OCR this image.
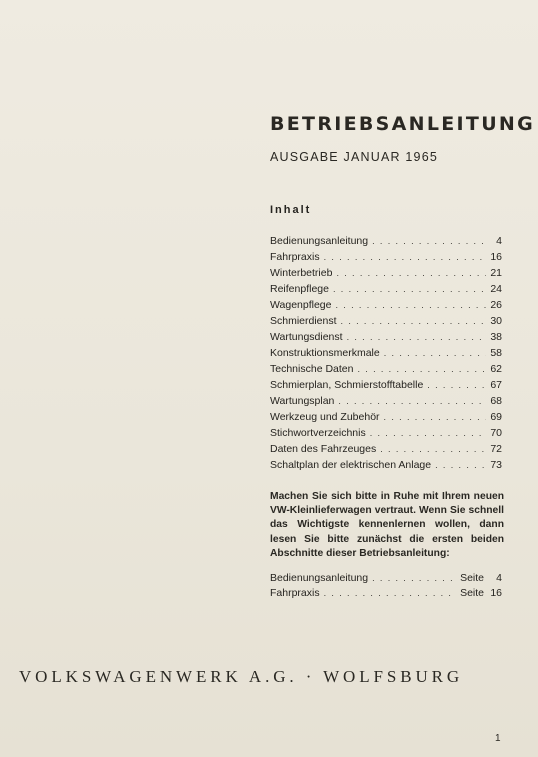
BETRIEBSANLEITUNG
AUSGABE JANUAR 1965
Inhalt
Bedienungsanleitung . . .	4
Fahrpraxis . . .	16
Winterbetrieb . . .	21
Reifenpflege . . .	24
Wagenpflege . . .	26
Schmierdienst . . .	30
Wartungsdienst . . .	38
Konstruktionsmerkmale . . .	58
Technische Daten . . .	62
Schmierplan, Schmierstofftabelle . . .	67
Wartungsplan . . .	68
Werkzeug und Zubehör . . .	69
Stichwortverzeichnis . . .	70
Daten des Fahrzeuges . . .	72
Schaltplan der elektrischen Anlage . . .	73

Machen Sie sich bitte in Ruhe mit Ihrem neuen VW-Kleinlieferwagen vertraut. Wenn Sie schnell das Wichtigste kennenlernen wollen, dann lesen Sie bitte zunächst die ersten beiden Abschnitte dieser Betriebsanleitung:

Bedienungsanleitung . . .	Seite	4
Fahrpraxis . . .	Seite 16
VOLKSWAGENWERK A.G. · WOLFSBURG
1
